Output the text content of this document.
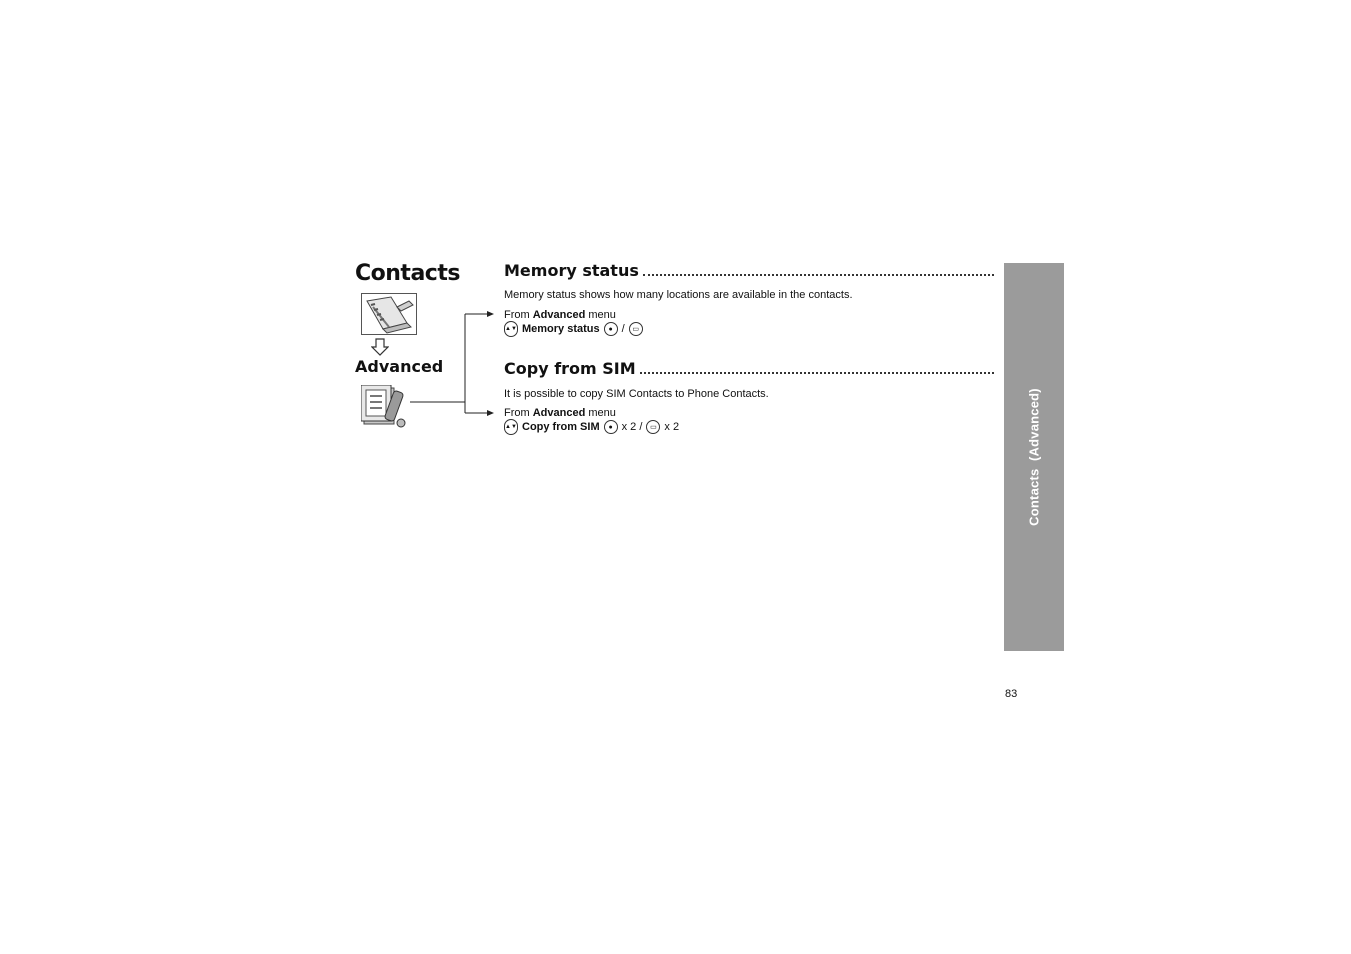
Contacts
Advanced
Memory status
Memory status shows how many locations are available in the contacts.
From Advanced menu
▲▼ Memory status	● /	▭
Copy from SIM
It is possible to copy SIM Contacts to Phone Contacts.
From Advanced menu
▲▼ Copy from SIM	● x 2 /	▭ x 2	Contacts  (Advanced)
83
